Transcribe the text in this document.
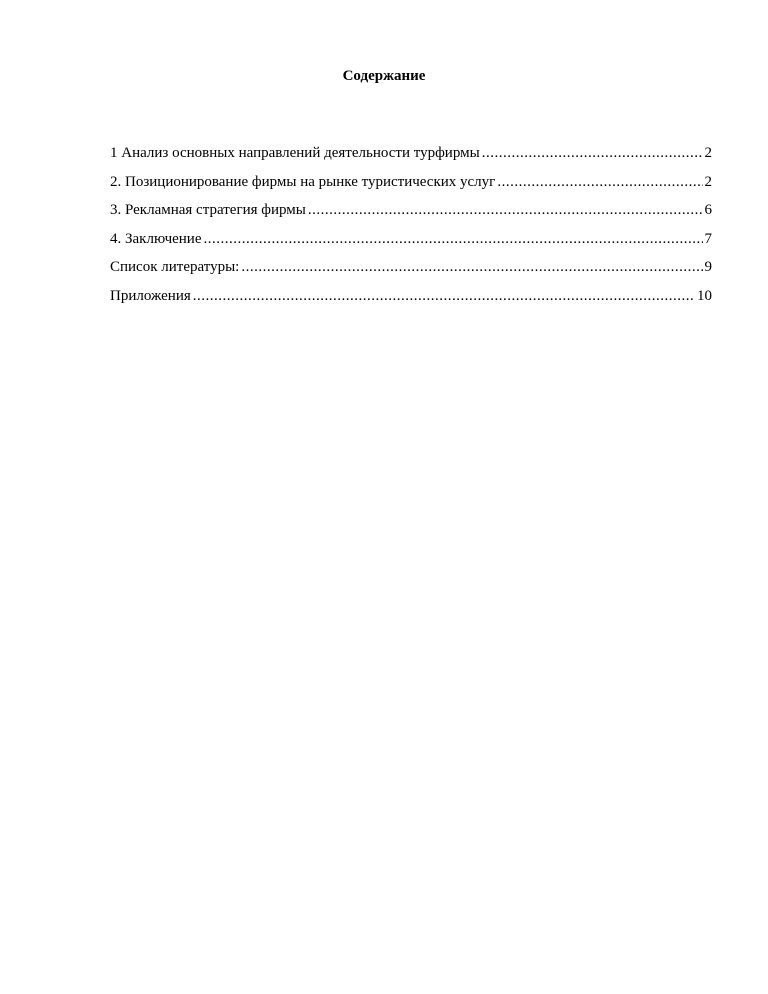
Содержание
1 Анализ основных направлений деятельности турфирмы .....	2
2. Позиционирование фирмы на рынке туристических услуг .....	2
3. Рекламная стратегия фирмы .....	6
4. Заключение .....	7
Список литературы: .....	9
Приложения .....	10
